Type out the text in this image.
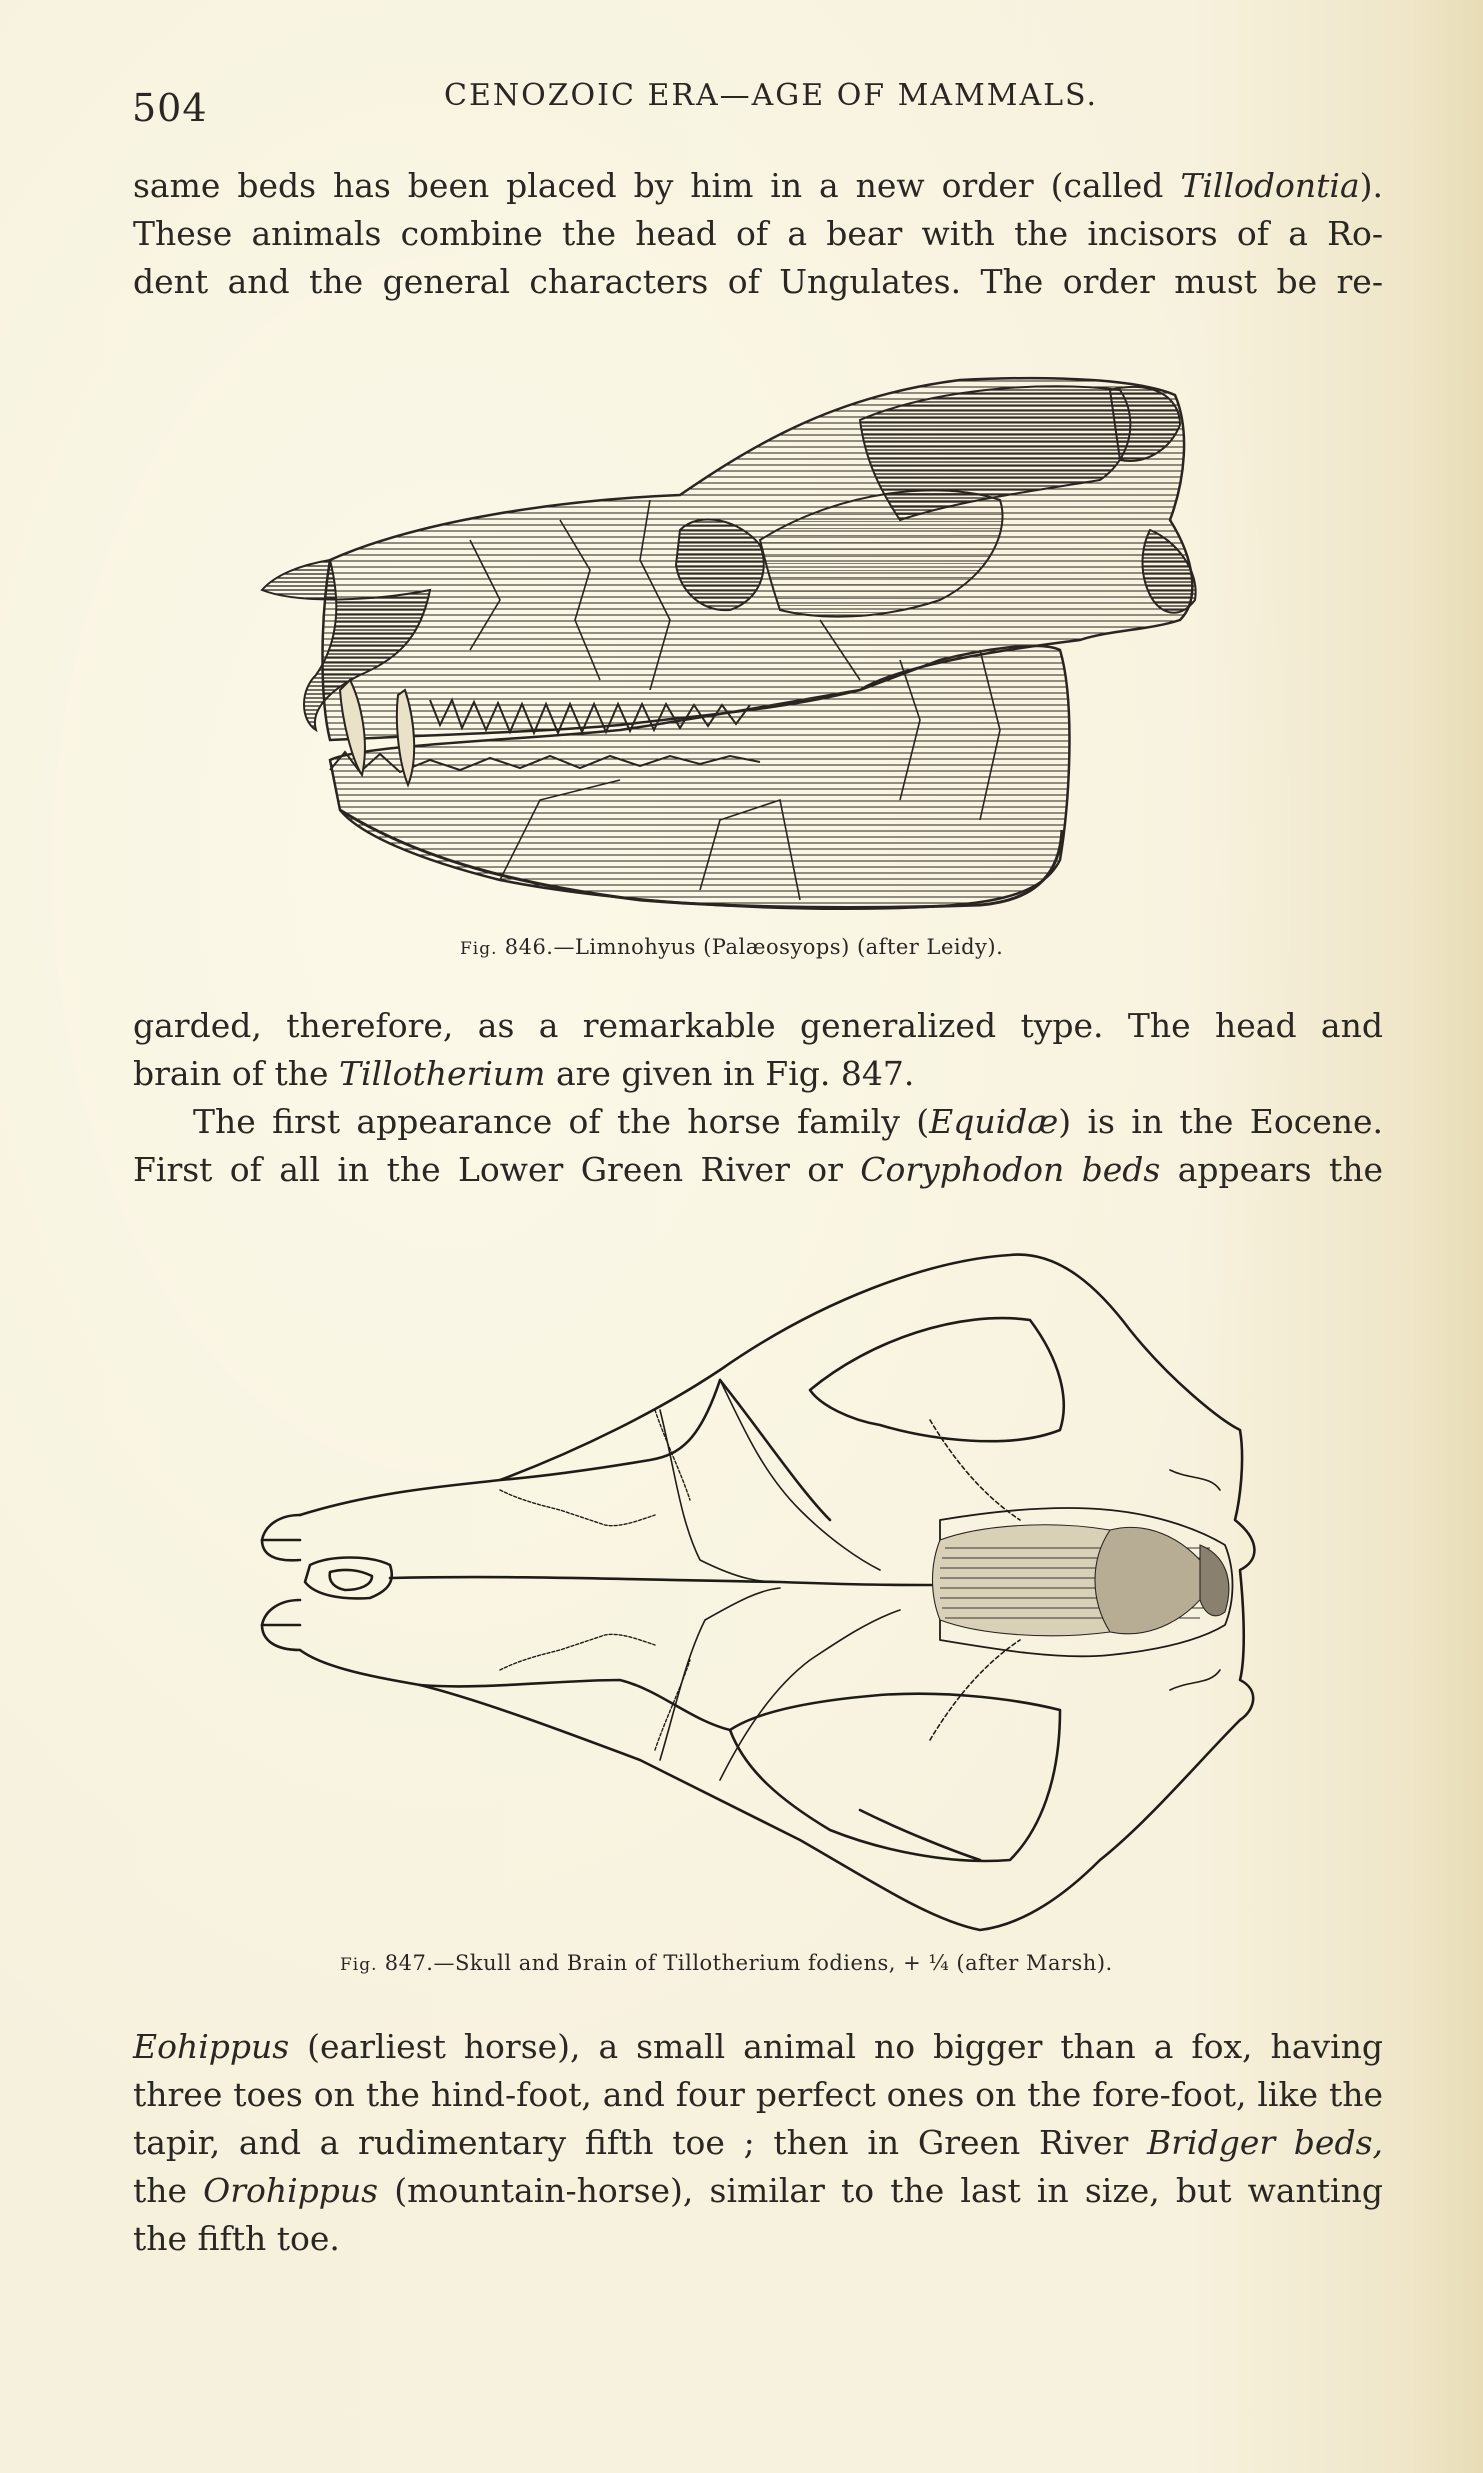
504	CENOZOIC ERA—AGE OF MAMMALS.
same beds has been placed by him in a new order (called Tillodontia).
These animals combine the head of a bear with the incisors of a Ro-
dent and the general characters of Ungulates. The order must be re-
Fig. 846.—Limnohyus (Palæosyops) (after Leidy).
garded, therefore, as a remarkable generalized type. The head and
brain of the Tillotherium are given in Fig. 847.
The first appearance of the horse family (Equidæ) is in the Eocene.
First of all in the Lower Green River or Coryphodon beds appears the
Fig. 847.—Skull and Brain of Tillotherium fodiens, + ¼ (after Marsh).
Eohippus (earliest horse), a small animal no bigger than a fox, having
three toes on the hind-foot, and four perfect ones on the fore-foot, like the
tapir, and a rudimentary fifth toe ; then in Green River Bridger beds,
the Orohippus (mountain-horse), similar to the last in size, but wanting
the fifth toe.
